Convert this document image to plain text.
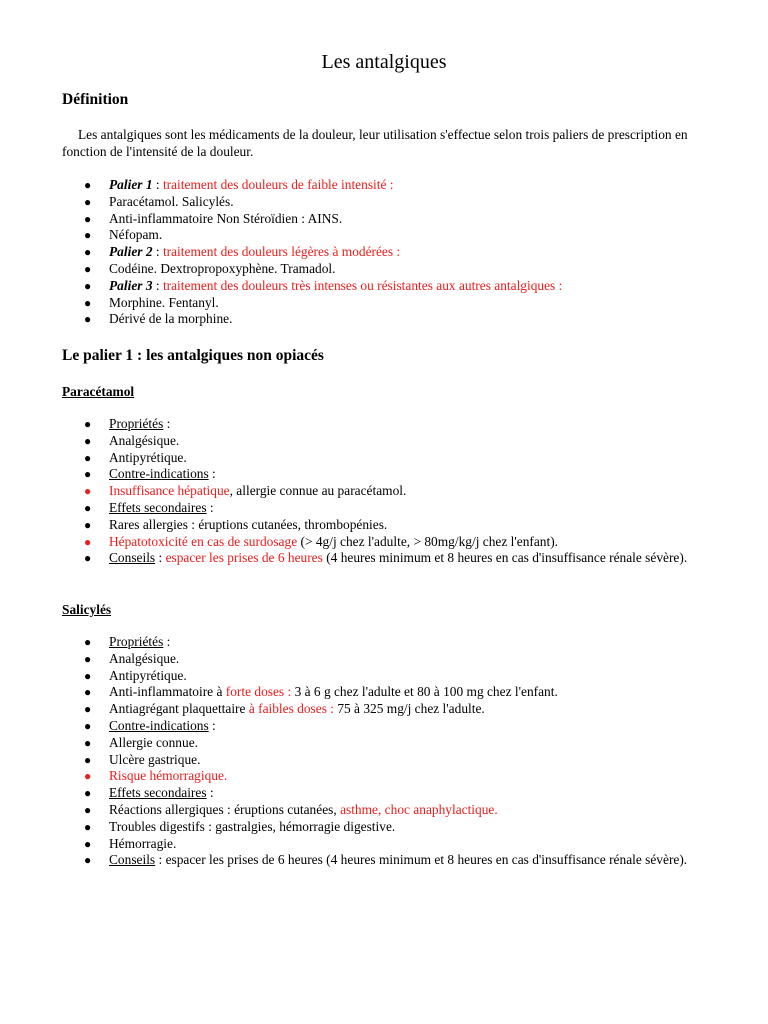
Les antalgiques
Définition

Les antalgiques sont les médicaments de la douleur, leur utilisation s'effectue selon trois paliers de prescription en fonction de l'intensité de la douleur.

● Palier 1 : traitement des douleurs de faible intensité :
● Paracétamol. Salicylés.
● Anti-inflammatoire Non Stéroïdien : AINS.
● Néfopam.
● Palier 2 : traitement des douleurs légères à modérées :
● Codéine. Dextropropoxyphène. Tramadol.
● Palier 3 : traitement des douleurs très intenses ou résistantes aux autres antalgiques :
● Morphine. Fentanyl.
● Dérivé de la morphine.
Le palier 1 : les antalgiques non opiacés
Paracétamol
● Propriétés :
● Analgésique.
● Antipyrétique.
● Contre-indications :
● Insuffisance hépatique, allergie connue au paracétamol.
● Effets secondaires :
● Rares allergies : éruptions cutanées, thrombopénies.
● Hépatotoxicité en cas de surdosage (> 4g/j chez l'adulte, > 80mg/kg/j chez l'enfant).
● Conseils : espacer les prises de 6 heures (4 heures minimum et 8 heures en cas d'insuffisance rénale sévère).
Salicylés
● Propriétés :
● Analgésique.
● Antipyrétique.
● Anti-inflammatoire à forte doses : 3 à 6 g chez l'adulte et 80 à 100 mg chez l'enfant.
● Antiagrégant plaquettaire à faibles doses : 75 à 325 mg/j chez l'adulte.
● Contre-indications :
● Allergie connue.
● Ulcère gastrique.
● Risque hémorragique.
● Effets secondaires :
● Réactions allergiques : éruptions cutanées, asthme, choc anaphylactique.
● Troubles digestifs : gastralgies, hémorragie digestive.
● Hémorragie.
● Conseils : espacer les prises de 6 heures (4 heures minimum et 8 heures en cas d'insuffisance rénale sévère).
